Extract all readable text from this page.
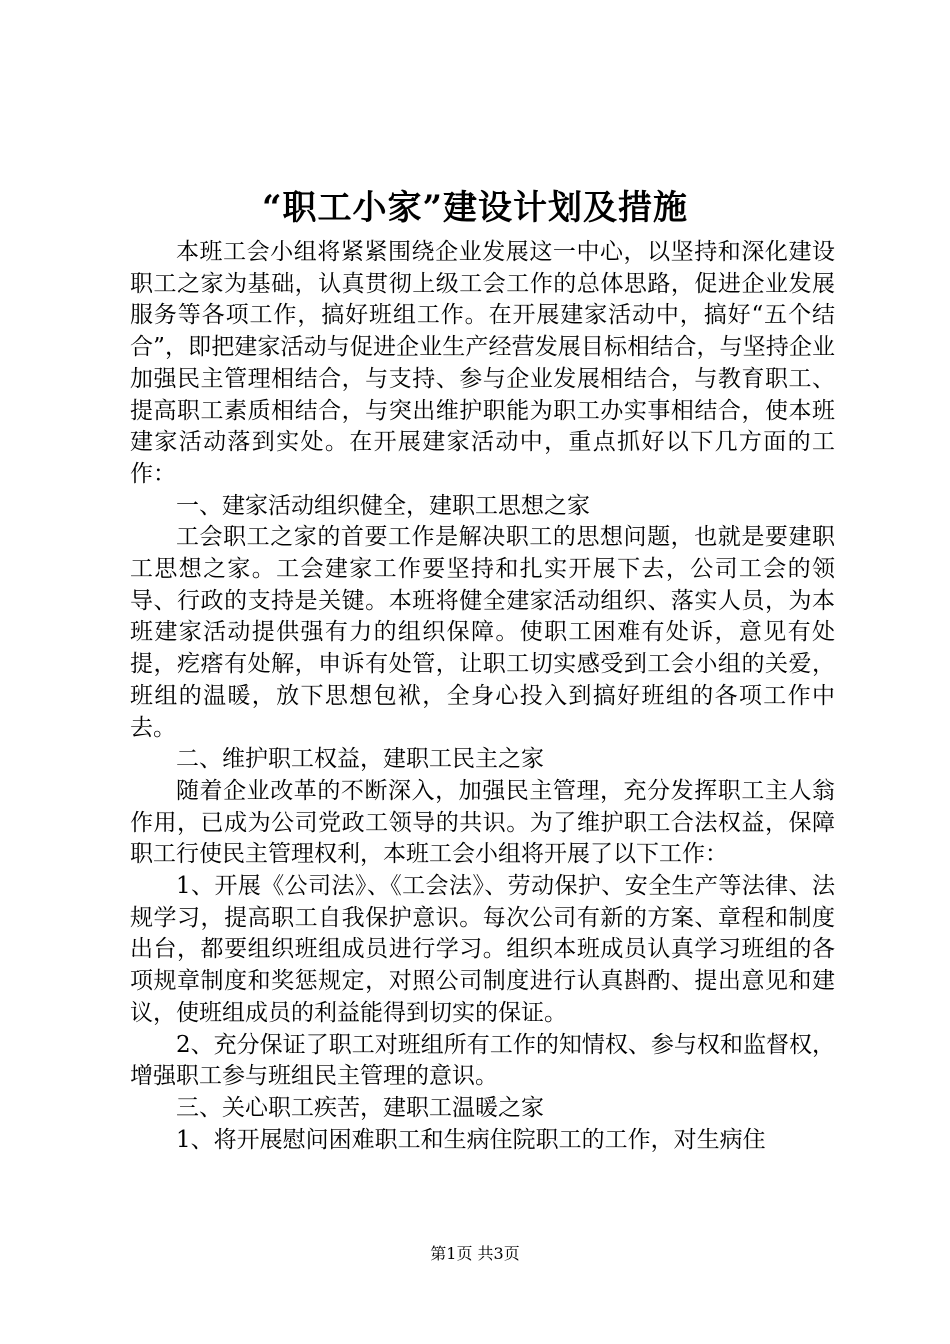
“职工小家”建设计划及措施

本班工会小组将紧紧围绕企业发展这一中心，以坚持和深化建设职工之家为基础，认真贯彻上级工会工作的总体思路，促进企业发展服务等各项工作，搞好班组工作。在开展建家活动中，搞好“五个结合”，即把建家活动与促进企业生产经营发展目标相结合，与坚持企业加强民主管理相结合，与支持、参与企业发展相结合，与教育职工、提高职工素质相结合，与突出维护职能为职工办实事相结合，使本班建家活动落到实处。在开展建家活动中，重点抓好以下几方面的工作：

一、建家活动组织健全，建职工思想之家

工会职工之家的首要工作是解决职工的思想问题，也就是要建职工思想之家。工会建家工作要坚持和扎实开展下去，公司工会的领导、行政的支持是关键。本班将健全建家活动组织、落实人员，为本班建家活动提供强有力的组织保障。使职工困难有处诉，意见有处提，疙瘩有处解，申诉有处管，让职工切实感受到工会小组的关爱，班组的温暖，放下思想包袱，全身心投入到搞好班组的各项工作中去。

二、维护职工权益，建职工民主之家

随着企业改革的不断深入，加强民主管理，充分发挥职工主人翁作用，已成为公司党政工领导的共识。为了维护职工合法权益，保障职工行使民主管理权利，本班工会小组将开展了以下工作：

1、开展《公司法》、《工会法》、劳动保护、安全生产等法律、法规学习，提高职工自我保护意识。每次公司有新的方案、章程和制度出台，都要组织班组成员进行学习。组织本班成员认真学习班组的各项规章制度和奖惩规定，对照公司制度进行认真斟酌、提出意见和建议，使班组成员的利益能得到切实的保证。

2、充分保证了职工对班组所有工作的知情权、参与权和监督权，增强职工参与班组民主管理的意识。

三、关心职工疾苦，建职工温暖之家

1、将开展慰问困难职工和生病住院职工的工作，对生病住

第1页 共3页
